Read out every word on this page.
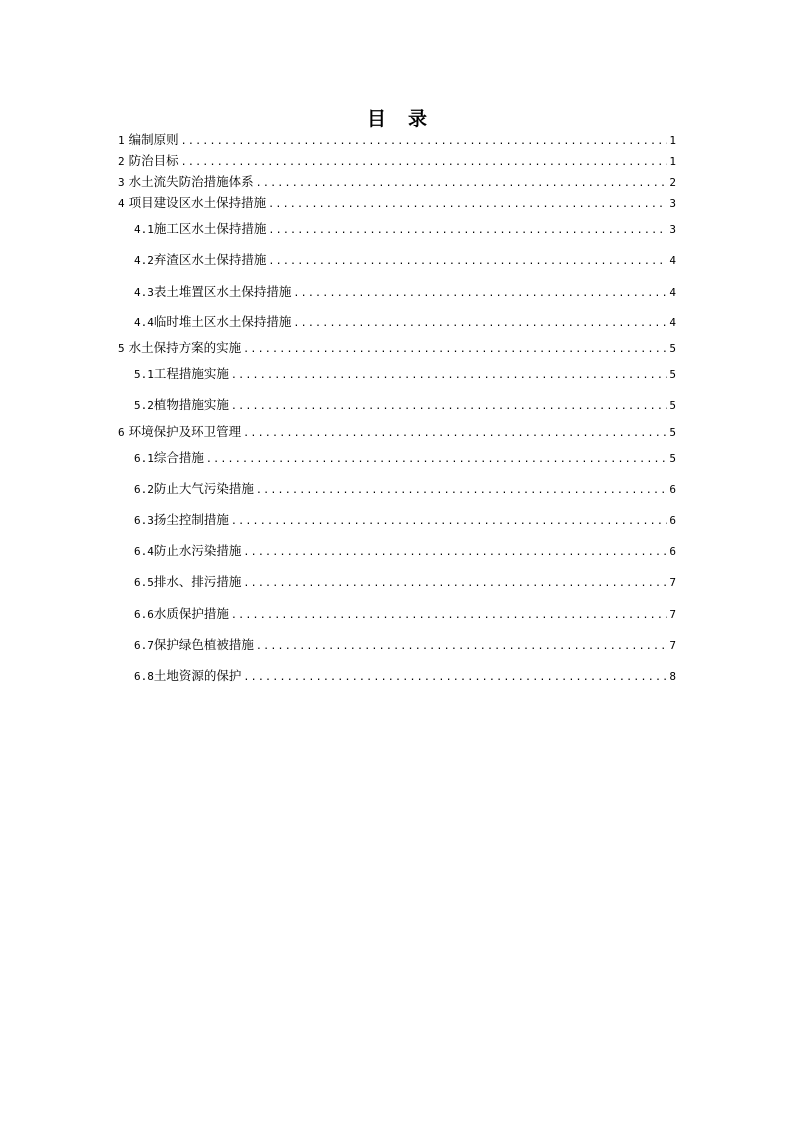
目 录
1 编制原则 .....	1
2 防治目标 .....	1
3 水土流失防治措施体系 .....	2
4 项目建设区水土保持措施 .....	3
4.1 施工区水土保持措施 .....	3
4.2 弃渣区水土保持措施 .....	4
4.3 表土堆置区水土保持措施 .....	4
4.4 临时堆土区水土保持措施 .....	4
5 水土保持方案的实施 .....	5
5.1 工程措施实施 .....	5
5.2 植物措施实施 .....	5
6 环境保护及环卫管理 .....	5
6.1 综合措施 .....	5
6.2 防止大气污染措施 .....	6
6.3 扬尘控制措施 .....	6
6.4 防止水污染措施 .....	6
6.5 排水、排污措施 .....	7
6.6 水质保护措施 .....	7
6.7 保护绿色植被措施 .....	7
6.8 土地资源的保护 .....	8
